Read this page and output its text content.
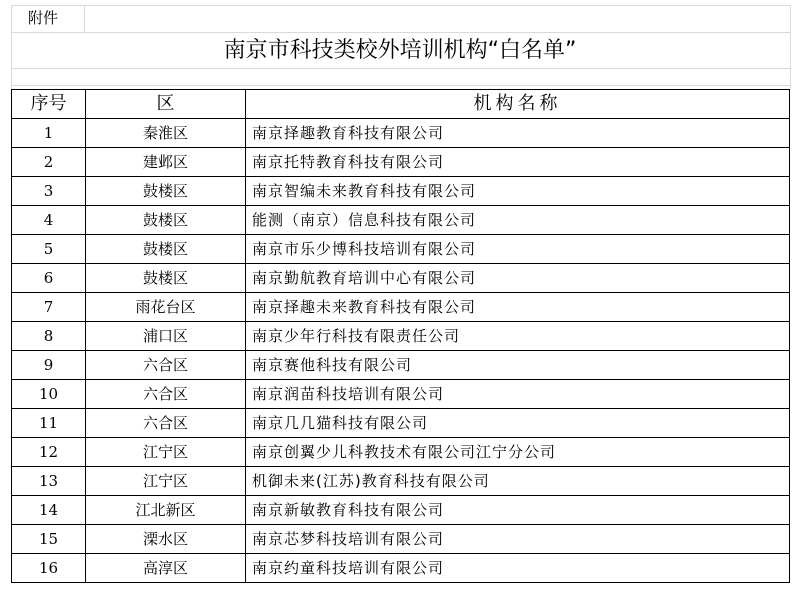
附件
南京市科技类校外培训机构“白名单”
序号	区	机构名称
1	秦淮区	南京择趣教育科技有限公司
2	建邺区	南京托特教育科技有限公司
3	鼓楼区	南京智编未来教育科技有限公司
4	鼓楼区	能测（南京）信息科技有限公司
5	鼓楼区	南京市乐少博科技培训有限公司
6	鼓楼区	南京勤航教育培训中心有限公司
7	雨花台区	南京择趣未来教育科技有限公司
8	浦口区	南京少年行科技有限责任公司
9	六合区	南京赛他科技有限公司
10	六合区	南京润苗科技培训有限公司
11	六合区	南京几几猫科技有限公司
12	江宁区	南京创翼少儿科教技术有限公司江宁分公司
13	江宁区	机御未来(江苏)教育科技有限公司
14	江北新区	南京新敏教育科技有限公司
15	溧水区	南京芯梦科技培训有限公司
16	高淳区	南京约童科技培训有限公司
